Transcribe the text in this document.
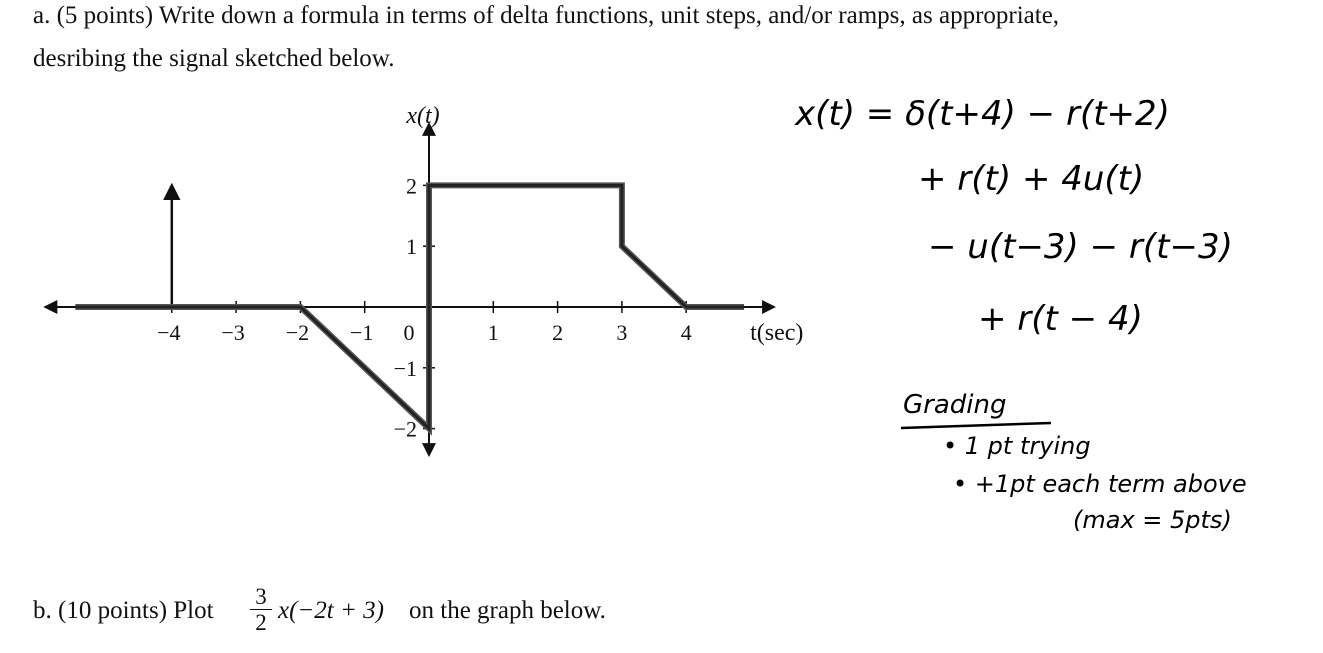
a. (5 points) Write down a formula in terms of delta functions, unit steps, and/or ramps, as appropriate,
desribing the signal sketched below.
−4 −3 −2 −1 0	1 2 3 4
2
1
−1
−2
x(t)
t(sec)
x(t) = δ(t+4) − r(t+2)
+ r(t) + 4u(t)
− u(t−3) − r(t−3)
+ r(t − 4)
Grading
• 1 pt trying
• +1pt each term above
(max = 5pts)
b. (10 points) Plot
3
2 x(−2t + 3) on the graph below.
